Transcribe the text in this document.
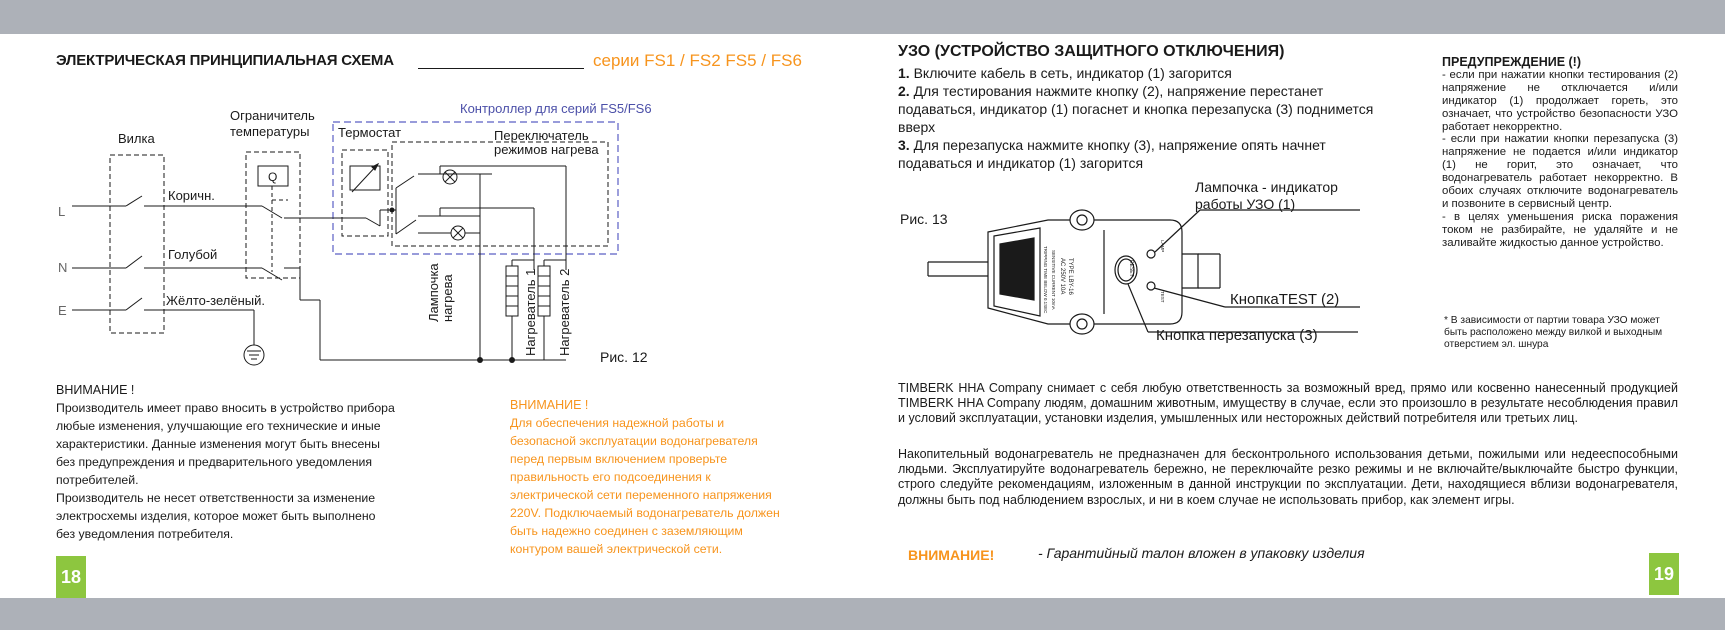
ЭЛЕКТРИЧЕСКАЯ ПРИНЦИПИАЛЬНАЯ СХЕМА	серии FS1 / FS2 FS5 / FS6
Контроллер для серий FS5/FS6
Ограничитель
температуры
Вилка	Термостат	Переключатель
режимов нагрева
Коричн.
Голубой
Жёлто-зелёный.
L
N
E
Q
Лампочка нагрева	Нагреватель 1 Нагреватель 2
Рис. 12
ВНИМАНИЕ !
Производитель имеет право вносить в устройство прибора
любые изменения, улучшающие его технические и иные
характеристики. Данные изменения могут быть внесены
без предупреждения и предварительного уведомления
потребителей.
Производитель не несет ответственности за изменение
электросхемы изделия, которое может быть выполнено
без уведомления потребителя.
ВНИМАНИЕ !
Для обеспечения надежной работы и
безопасной эксплуатации водонагревателя
перед первым включением проверьте
правильность его подсоединения к
электрической сети переменного напряжения
220V. Подключаемый водонагреватель должен
быть надежно соединен с заземляющим
контуром вашей электрической сети.
18
УЗО (УСТРОЙСТВО ЗАЩИТНОГО ОТКЛЮЧЕНИЯ)

1. Включите кабель в сеть, индикатор (1) загорится

2. Для тестирования нажмите кнопку (2), напряжение перестанет подаваться, индикатор (1) погаснет и кнопка перезапуска (3) поднимется вверх

3. Для перезапуска нажмите кнопку (3), напряжение опять начнет подаваться и индикатор (1) загорится

TYPE LBY-16
AC 250V 10A
SENSITIVE CURRENT 10mA
TRIPPING TIME BELOW 0.1SEC	RESET
LAMP
TEST
Рис. 13
Лампочка - индикатор
работы УЗО (1)
КнопкаTEST (2)
Кнопка перезапуска (3)
ПРЕДУПРЕЖДЕНИЕ (!)

- если при нажатии кнопки тестирования (2) напряжение не отключается и/или индикатор (1) продолжает гореть, это означает, что устройство безопасности УЗО работает некорректно.

- если при нажатии кнопки перезапуска (3) напряжение не подается и/или индикатор (1) не горит, это означает, что водонагреватель работает некорректно. В обоих случаях отключите водонагреватель и позвоните в сервисный центр.

- в целях уменьшения риска поражения током не разбирайте, не удаляйте и не заливайте жидкостью данное устройство.

* В зависимости от партии товара УЗО может быть расположено между вилкой и выходным отверстием эл. шнура
TIMBERK HHA Company снимает с себя любую ответственность за возможный вред, прямо или косвенно нанесенный продукцией TIMBERK HHA Company людям, домашним животным, имуществу в случае, если это произошло в результате несоблюдения правил и условий эксплуатации, установки изделия, умышленных или несторожных действий потребителя или третьих лиц.
Накопительный водонагреватель не предназначен для бесконтрольного использования детьми, пожилыми или недееспособными людьми. Эксплуатируйте водонагреватель бережно, не переключайте резко режимы и не включайте/выключайте быстро функции, строго следуйте рекомендациям, изложенным в данной инструкции по эксплуатации. Дети, находящиеся вблизи водонагревателя, должны быть под наблюдением взрослых, и ни в коем случае не использовать прибор, как элемент игры.
ВНИМАНИЕ!	- Гарантийный талон вложен в упаковку изделия
19
